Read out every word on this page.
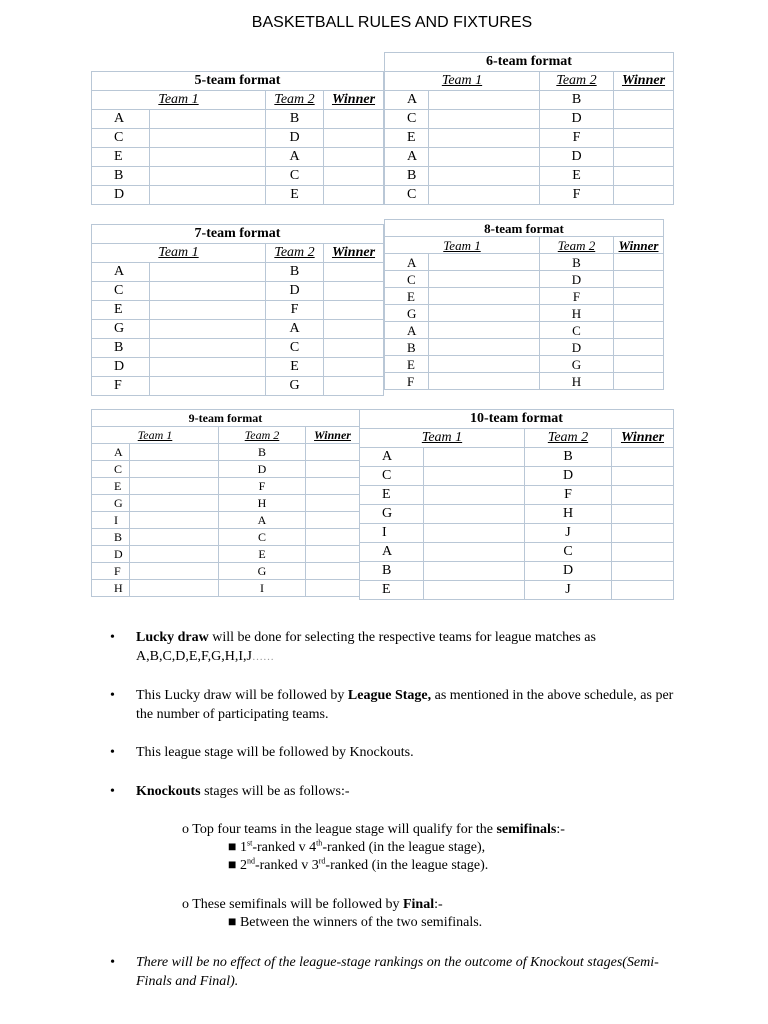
BASKETBALL RULES AND FIXTURES
5-team format			
Team 1		Team 2	Winner
A		B	
C		D	
E		A	
B		C	
D		E	
6-team format			
Team 1		Team 2	Winner
A		B	
C		D	
E		F	
A		D	
B		E	
C		F	
7-team format			
Team 1		Team 2	Winner
A		B	
C		D	
E		F	
G		A	
B		C	
D		E	
F		G	
8-team format			
Team 1		Team 2	Winner
A		B	
C		D	
E		F	
G		H	
A		C	
B		D	
E		G	
F		H	
9-team format			
Team 1		Team 2	Winner
A		B	
C		D	
E		F	
G		H	
I		A	
B		C	
D		E	
F		G	
H		I	
10-team format			
Team 1		Team 2	Winner
A		B	
C		D	
E		F	
G		H	
I		J	
A		C	
B		D	
E		J	
• Lucky draw will be done for selecting the respective teams for league matches as A,B,C,D,E,F,G,H,I,J……
• This Lucky draw will be followed by League Stage, as mentioned in the above schedule, as per the number of participating teams.
• This league stage will be followed by Knockouts.
• Knockouts stages will be as follows:-
o Top four teams in the league stage will qualify for the semifinals:-
■ 1st-ranked v 4th-ranked (in the league stage),
■ 2nd-ranked v 3rd-ranked (in the league stage).
o These semifinals will be followed by Final:-
■ Between the winners of the two semifinals.
• There will be no effect of the league-stage rankings on the outcome of Knockout stages(Semi-Finals and Final).
